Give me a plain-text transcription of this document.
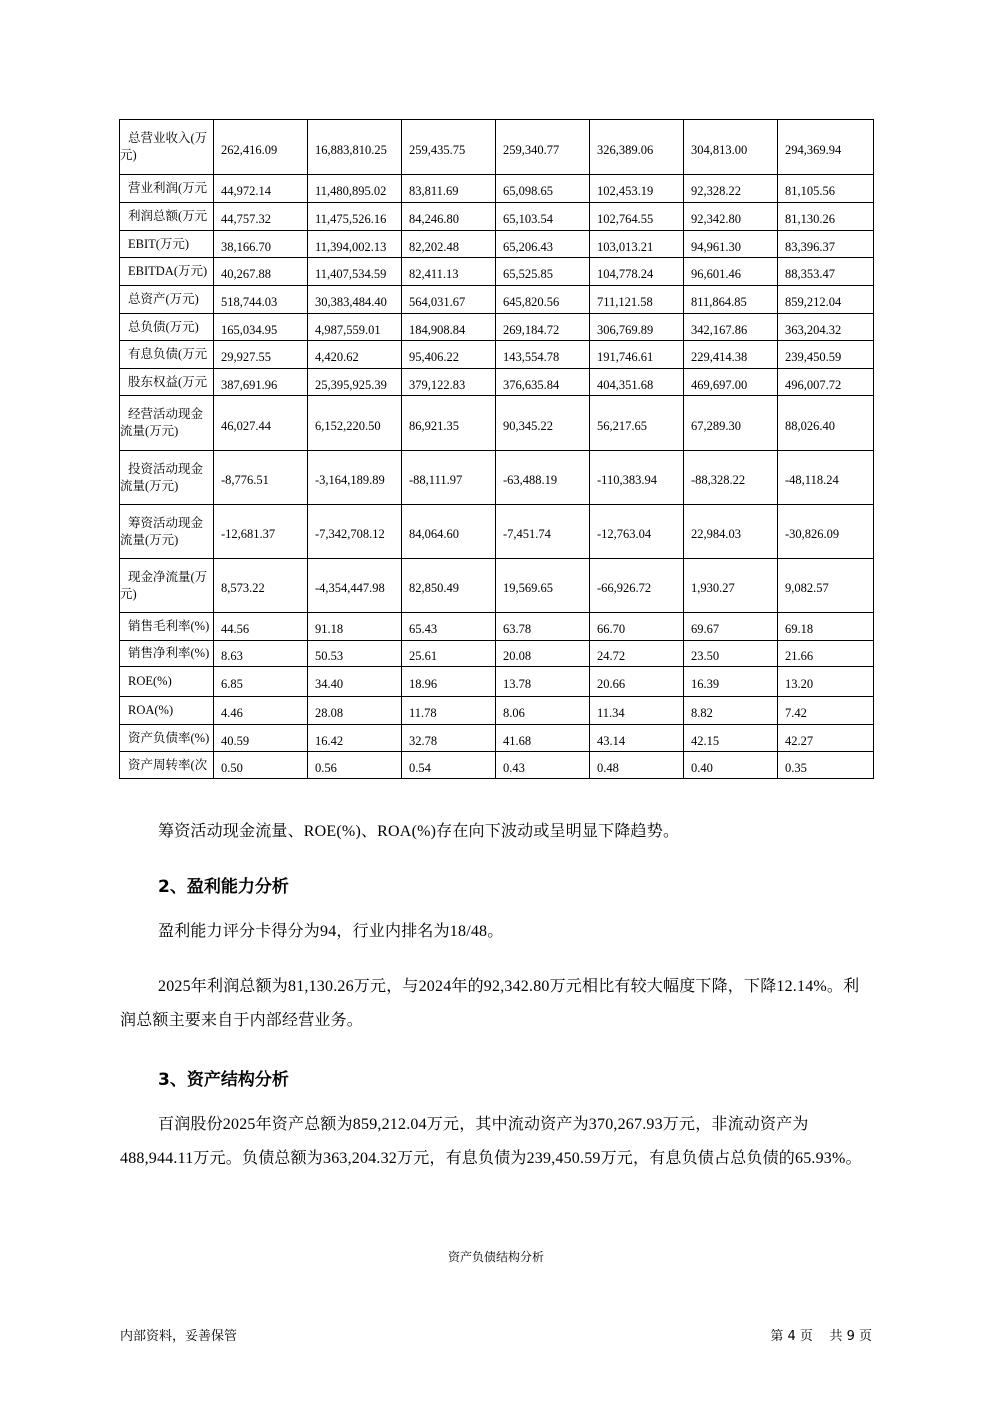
总营业收入(万
元)	262,416.09	16,883,810.25	259,435.75	259,340.77	326,389.06	304,813.00	294,369.94
营业利润(万元	44,972.14	11,480,895.02	83,811.69	65,098.65	102,453.19	92,328.22	81,105.56
利润总额(万元	44,757.32	11,475,526.16	84,246.80	65,103.54	102,764.55	92,342.80	81,130.26
EBIT(万元)	38,166.70	11,394,002.13	82,202.48	65,206.43	103,013.21	94,961.30	83,396.37
EBITDA(万元)	40,267.88	11,407,534.59	82,411.13	65,525.85	104,778.24	96,601.46	88,353.47
总资产(万元)	518,744.03	30,383,484.40	564,031.67	645,820.56	711,121.58	811,864.85	859,212.04
总负债(万元)	165,034.95	4,987,559.01	184,908.84	269,184.72	306,769.89	342,167.86	363,204.32
有息负债(万元	29,927.55	4,420.62	95,406.22	143,554.78	191,746.61	229,414.38	239,450.59
股东权益(万元	387,691.96	25,395,925.39	379,122.83	376,635.84	404,351.68	469,697.00	496,007.72
经营活动现金
流量(万元)	46,027.44	6,152,220.50	86,921.35	90,345.22	56,217.65	67,289.30	88,026.40
投资活动现金
流量(万元)	-8,776.51	-3,164,189.89	-88,111.97	-63,488.19	-110,383.94	-88,328.22	-48,118.24
筹资活动现金
流量(万元)	-12,681.37	-7,342,708.12	84,064.60	-7,451.74	-12,763.04	22,984.03	-30,826.09
现金净流量(万
元)	8,573.22	-4,354,447.98	82,850.49	19,569.65	-66,926.72	1,930.27	9,082.57
销售毛利率(%)	44.56	91.18	65.43	63.78	66.70	69.67	69.18
销售净利率(%)	8.63	50.53	25.61	20.08	24.72	23.50	21.66
ROE(%)	6.85	34.40	18.96	13.78	20.66	16.39	13.20
ROA(%)	4.46	28.08	11.78	8.06	11.34	8.82	7.42
资产负债率(%)	40.59	16.42	32.78	41.68	43.14	42.15	42.27
资产周转率(次	0.50	0.56	0.54	0.43	0.48	0.40	0.35
筹资活动现金流量、ROE(%)、ROA(%)存在向下波动或呈明显下降趋势。
2、盈利能力分析
盈利能力评分卡得分为94，行业内排名为18/48。
2025年利润总额为81,130.26万元，与2024年的92,342.80万元相比有较大幅度下降，下降12.14%。利润总额主要来自于内部经营业务。
3、资产结构分析
百润股份2025年资产总额为859,212.04万元，其中流动资产为370,267.93万元，非流动资产为488,944.11万元。负债总额为363,204.32万元，有息负债为239,450.59万元，有息负债占总负债的65.93%。
资产负债结构分析
内部资料，妥善保管	第 4 页    共 9 页
